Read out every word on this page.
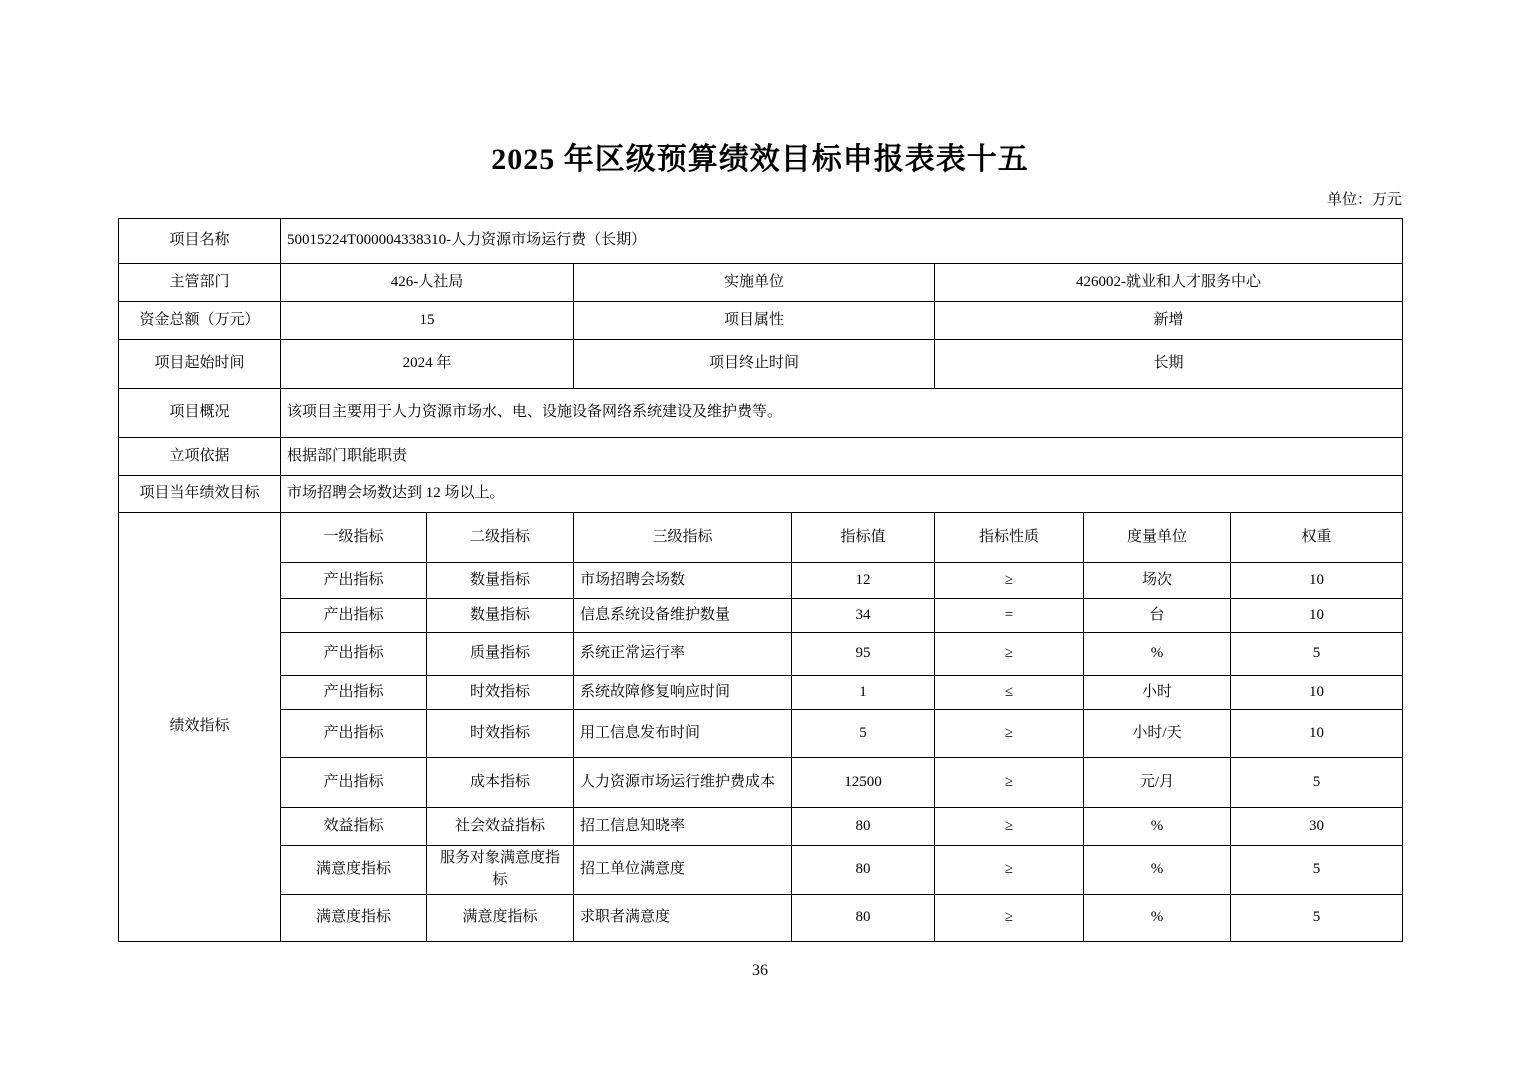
2025 年区级预算绩效目标申报表表十五
单位：万元
项目名称	50015224T000004338310-人力资源市场运行费（长期）						
主管部门	426-人社局		实施单位		426002-就业和人才服务中心		
资金总额（万元）	15		项目属性		新增		
项目起始时间	2024 年		项目终止时间		长期		
项目概况	该项目主要用于人力资源市场水、电、设施设备网络系统建设及维护费等。						
立项依据	根据部门职能职责						
项目当年绩效目标	市场招聘会场数达到 12 场以上。						
绩效指标	一级指标	二级指标	三级指标	指标值	指标性质	度量单位	权重
	产出指标	数量指标	市场招聘会场数	12	≥	场次	10
	产出指标	数量指标	信息系统设备维护数量	34	=	台	10
	产出指标	质量指标	系统正常运行率	95	≥	%	5
	产出指标	时效指标	系统故障修复响应时间	1	≤	小时	10
	产出指标	时效指标	用工信息发布时间	5	≥	小时/天	10
	产出指标	成本指标	人力资源市场运行维护费成本	12500	≥	元/月	5
	效益指标	社会效益指标	招工信息知晓率	80	≥	%	30
	满意度指标	服务对象满意度指标	招工单位满意度	80	≥	%	5
	满意度指标	满意度指标	求职者满意度	80	≥	%	5
36
